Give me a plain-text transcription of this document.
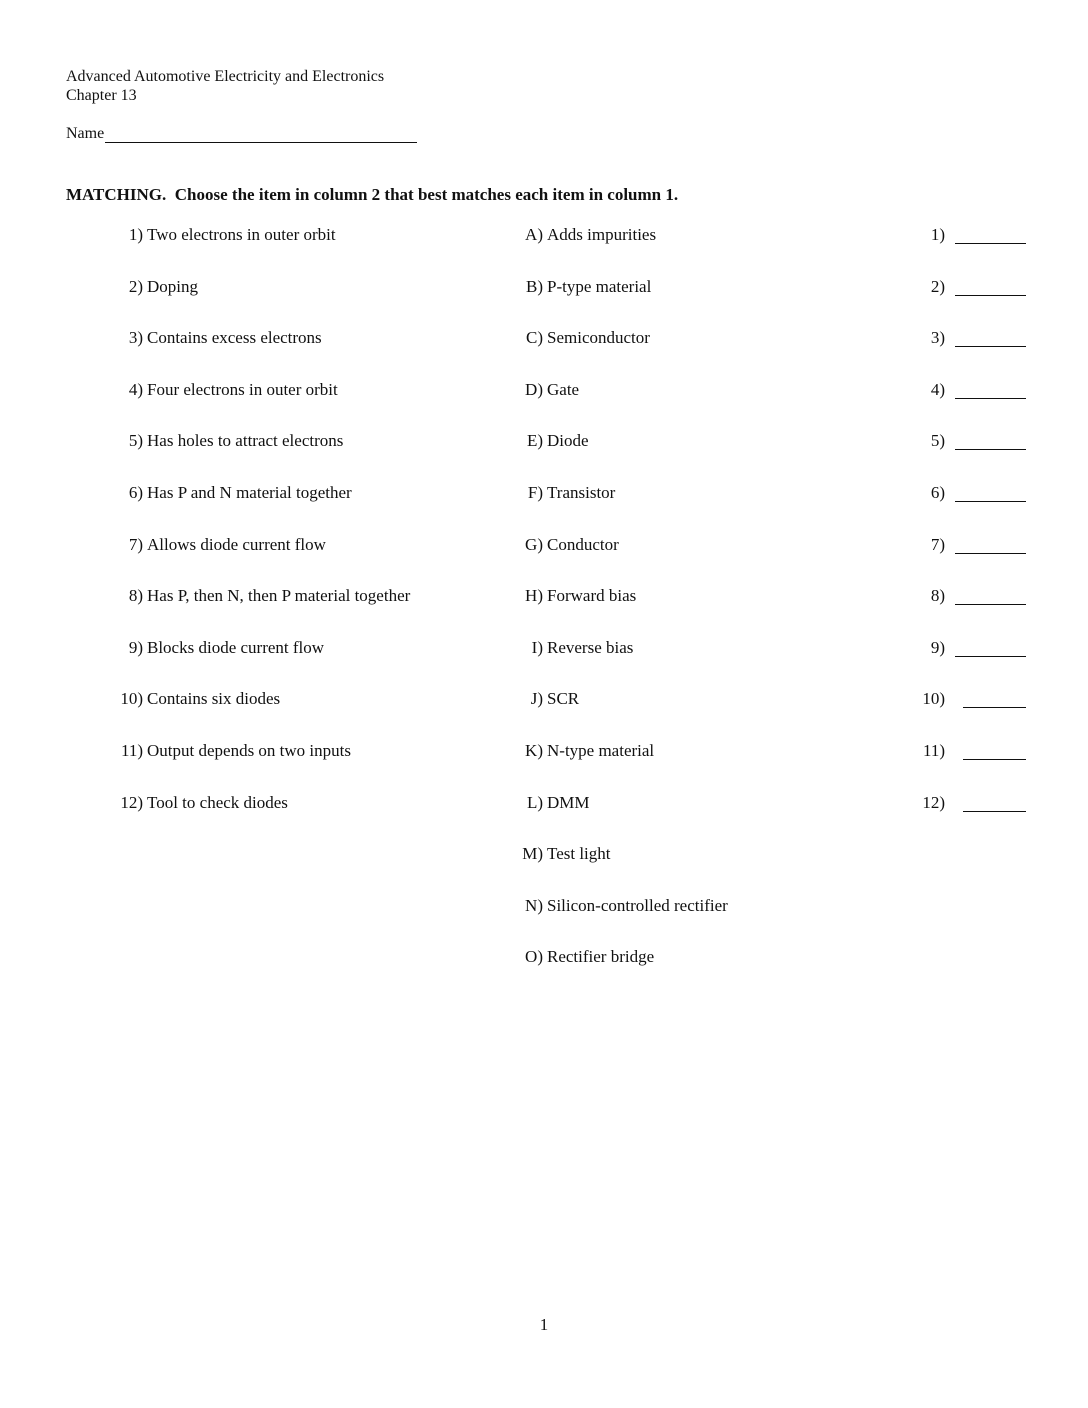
Advanced Automotive Electricity and Electronics
Chapter 13
Name
MATCHING.  Choose the item in column 2 that best matches each item in column 1.
1) Two electrons in outer orbit	A) Adds impurities	1)
2) Doping	B) P-type material	2)
3) Contains excess electrons	C) Semiconductor	3)
4) Four electrons in outer orbit	D) Gate	4)
5) Has holes to attract electrons	E) Diode	5)
6) Has P and N material together	F) Transistor	6)
7) Allows diode current flow	G) Conductor	7)
8) Has P, then N, then P material together	H) Forward bias	8)
9) Blocks diode current flow	I) Reverse bias	9)
10) Contains six diodes	J) SCR	10)
11) Output depends on two inputs	K) N-type material	11)
12) Tool to check diodes	L) DMM	12)
M) Test light
N) Silicon-controlled rectifier
O) Rectifier bridge
1
